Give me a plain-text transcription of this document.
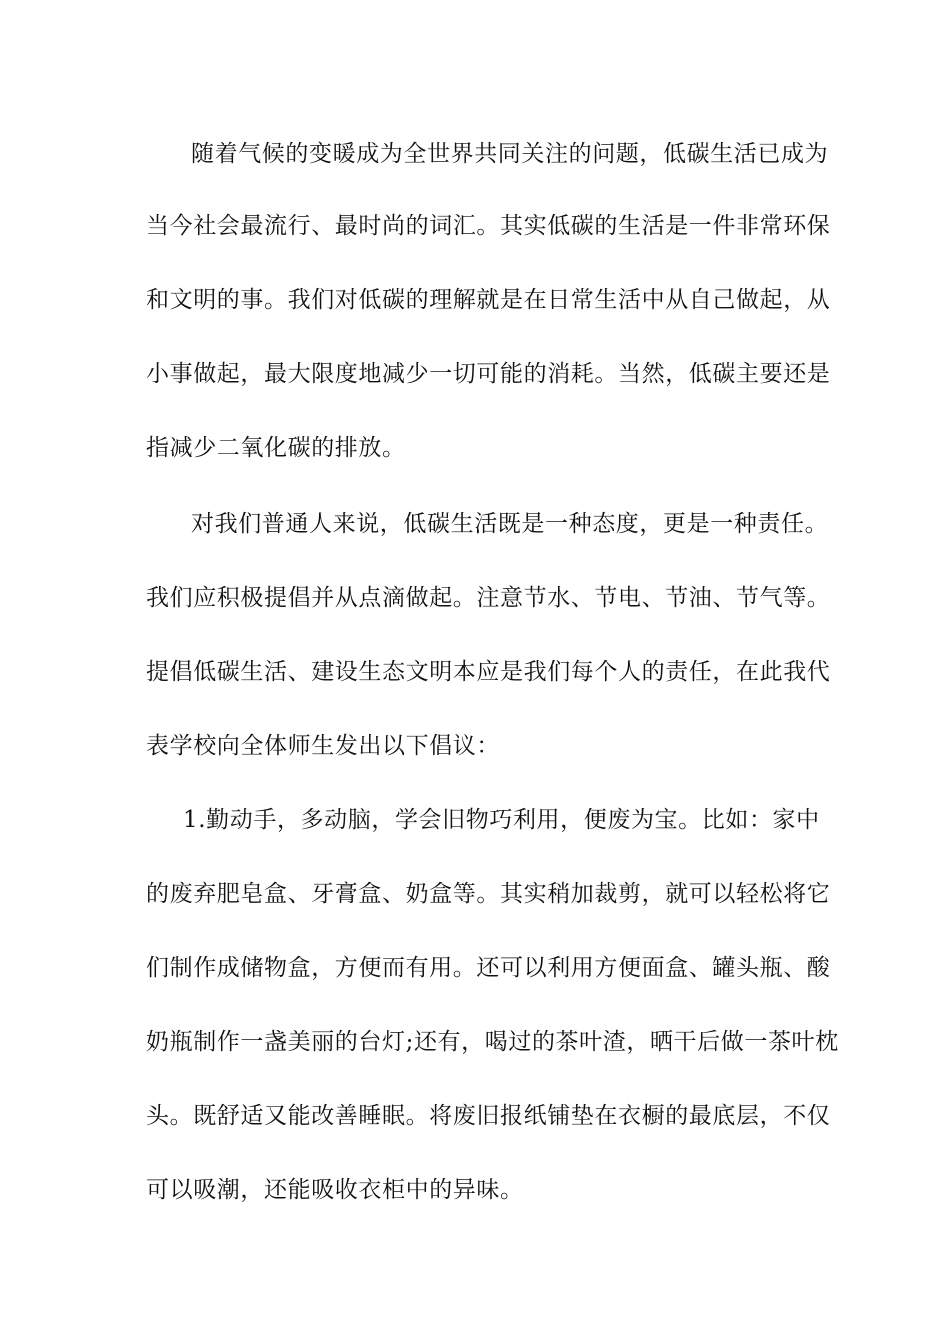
随着气候的变暖成为全世界共同关注的问题，低碳生活已成为
当今社会最流行、最时尚的词汇。其实低碳的生活是一件非常环保
和文明的事。我们对低碳的理解就是在日常生活中从自己做起，从
小事做起，最大限度地减少一切可能的消耗。当然，低碳主要还是
指减少二氧化碳的排放。
对我们普通人来说，低碳生活既是一种态度，更是一种责任。
我们应积极提倡并从点滴做起。注意节水、节电、节油、节气等。
提倡低碳生活、建设生态文明本应是我们每个人的责任，在此我代
表学校向全体师生发出以下倡议：
1.勤动手，多动脑，学会旧物巧利用，便废为宝。比如：家中
的废弃肥皂盒、牙膏盒、奶盒等。其实稍加裁剪，就可以轻松将它
们制作成储物盒，方便而有用。还可以利用方便面盒、罐头瓶、酸
奶瓶制作一盏美丽的台灯;还有，喝过的茶叶渣，晒干后做一茶叶枕
头。既舒适又能改善睡眠。将废旧报纸铺垫在衣橱的最底层，不仅
可以吸潮，还能吸收衣柜中的异味。
